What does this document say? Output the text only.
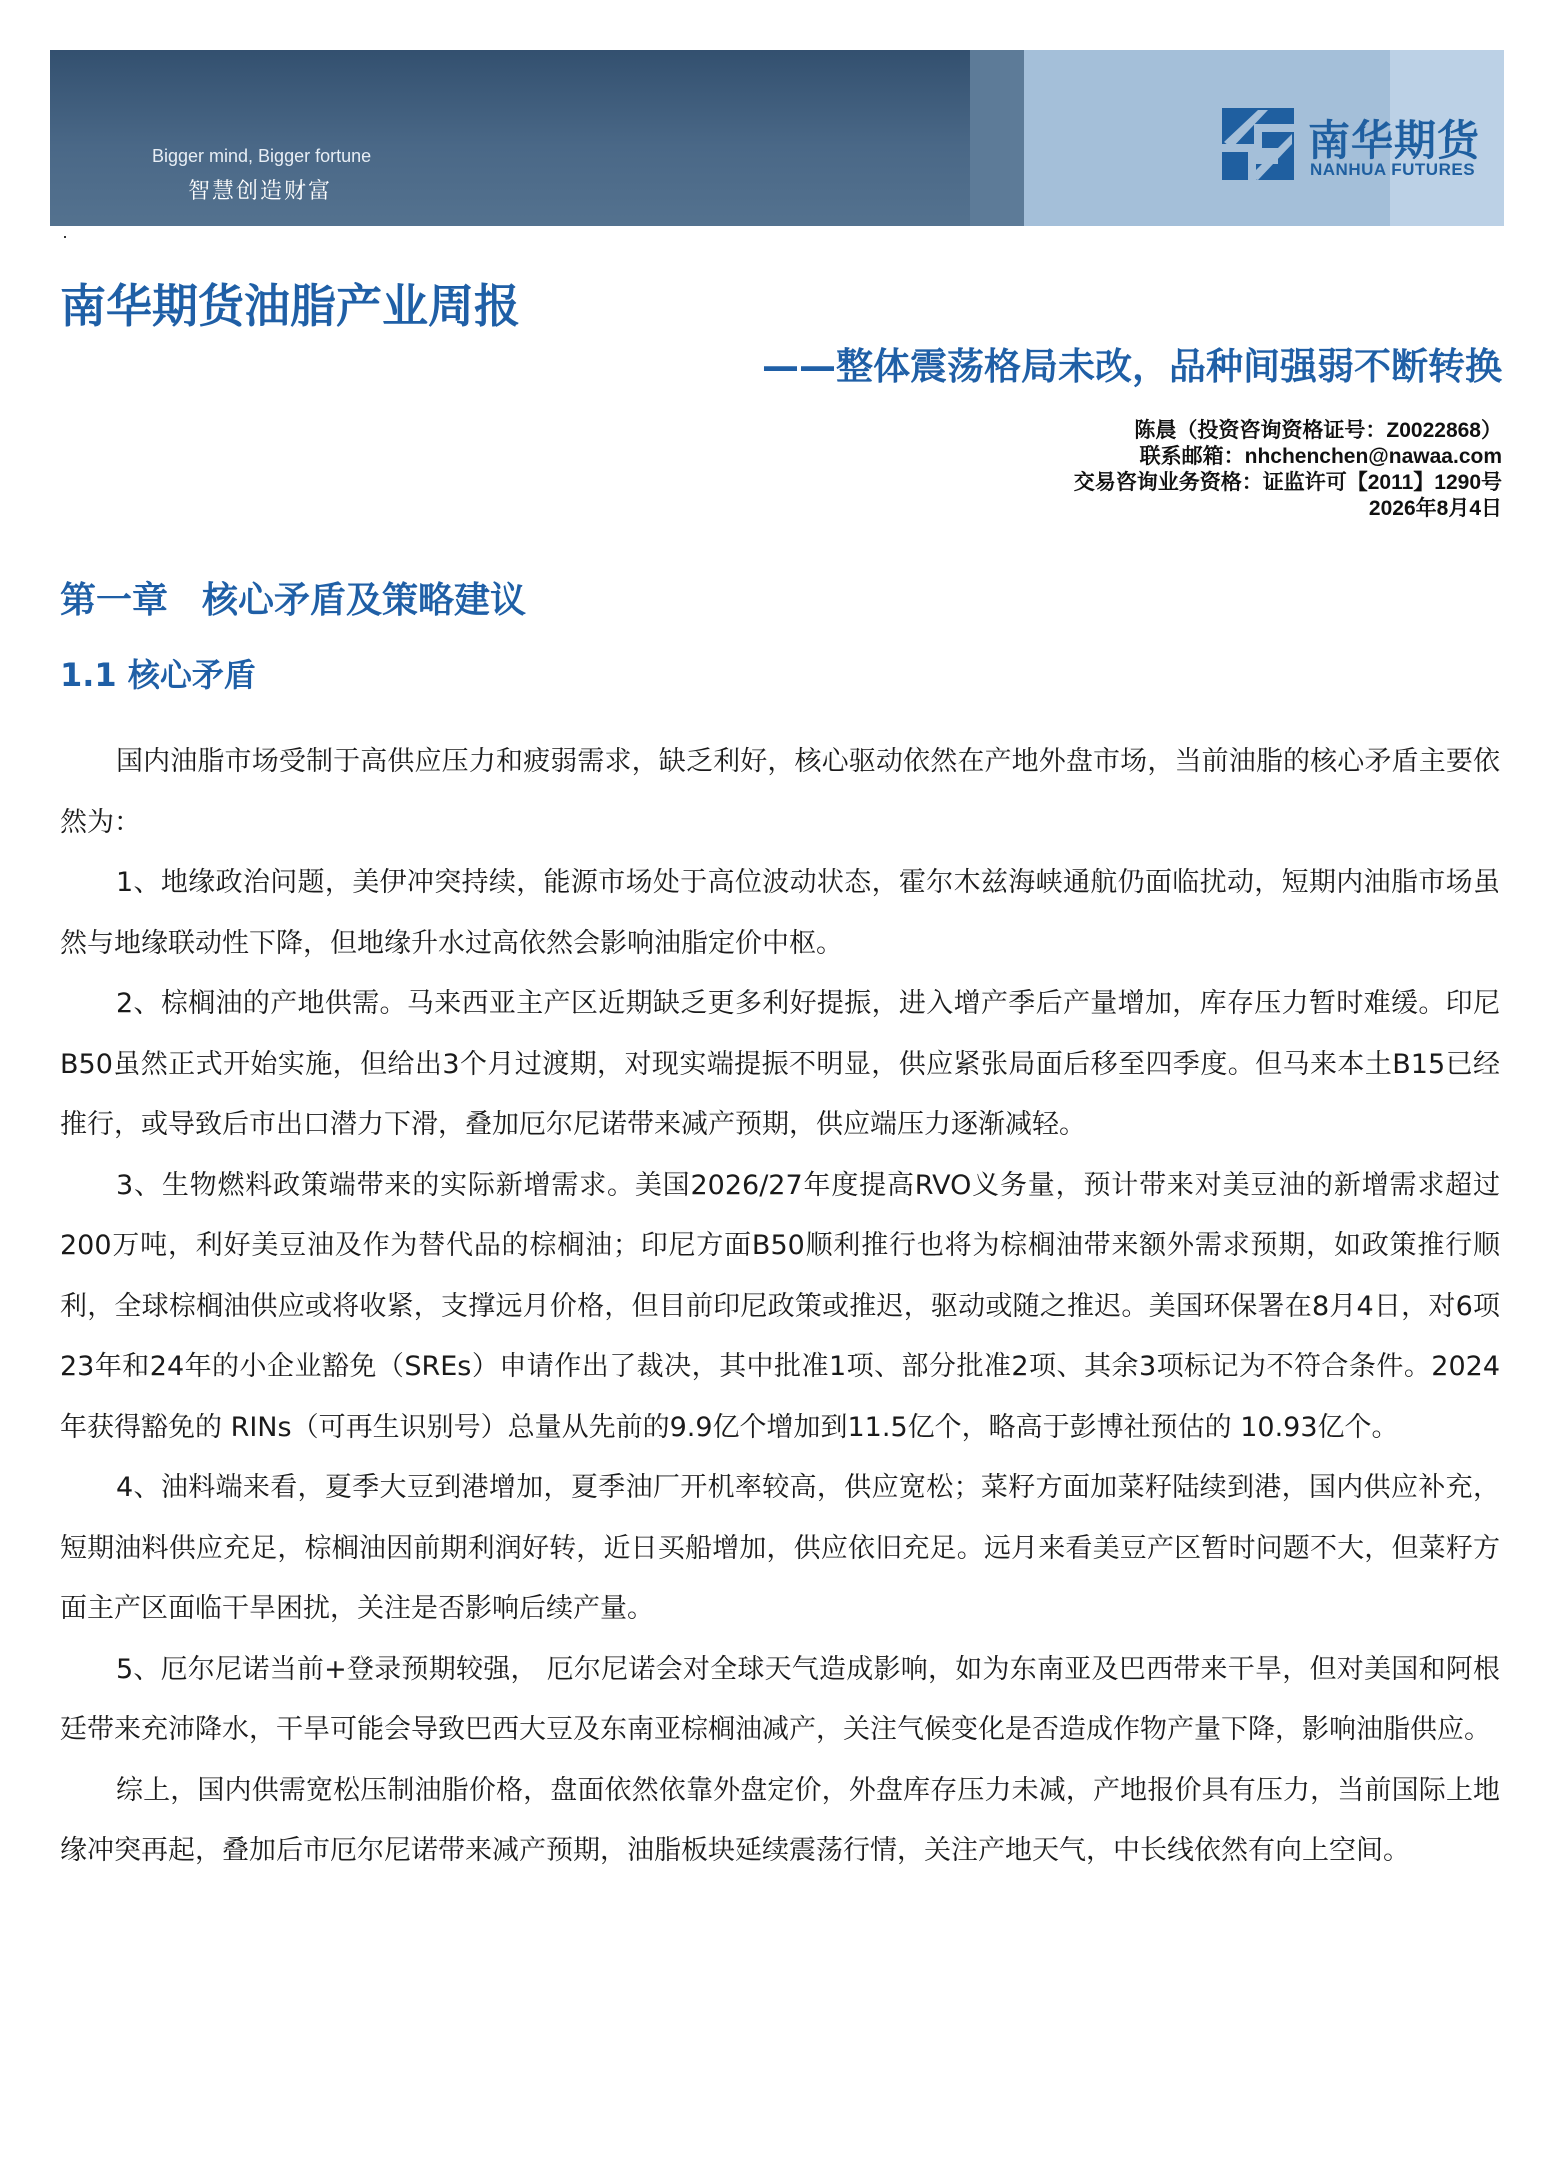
Bigger mind, Bigger fortune
智慧创造财富
南华期货
NANHUA FUTURES
南华期货油脂产业周报
——整体震荡格局未改，品种间强弱不断转换
陈晨（投资咨询资格证号：Z0022868）
联系邮箱：nhchenchen@nawaa.com
交易咨询业务资格：证监许可【2011】1290号
2026年8月4日
第一章 核心矛盾及策略建议
1.1 核心矛盾

国内油脂市场受制于高供应压力和疲弱需求，缺乏利好，核心驱动依然在产地外盘市场，当前油脂的核心矛盾主要依然为：

1、地缘政治问题，美伊冲突持续，能源市场处于高位波动状态，霍尔木兹海峡通航仍面临扰动，短期内油脂市场虽然与地缘联动性下降，但地缘升水过高依然会影响油脂定价中枢。

2、棕榈油的产地供需。马来西亚主产区近期缺乏更多利好提振，进入增产季后产量增加，库存压力暂时难缓。印尼B50虽然正式开始实施，但给出3个月过渡期，对现实端提振不明显，供应紧张局面后移至四季度。但马来本土B15已经推行，或导致后市出口潜力下滑，叠加厄尔尼诺带来减产预期，供应端压力逐渐减轻。

3、生物燃料政策端带来的实际新增需求。美国2026/27年度提高RVO义务量，预计带来对美豆油的新增需求超过200万吨，利好美豆油及作为替代品的棕榈油；印尼方面B50顺利推行也将为棕榈油带来额外需求预期，如政策推行顺利，全球棕榈油供应或将收紧，支撑远月价格，但目前印尼政策或推迟，驱动或随之推迟。美国环保署在8月4日，对6项23年和24年的小企业豁免（SREs）申请作出了裁决，其中批准1项、部分批准2项、其余3项标记为不符合条件。2024年获得豁免的 RINs（可再生识别号）总量从先前的9.9亿个增加到11.5亿个，略高于彭博社预估的 10.93亿个。

4、油料端来看，夏季大豆到港增加，夏季油厂开机率较高，供应宽松；菜籽方面加菜籽陆续到港，国内供应补充，短期油料供应充足，棕榈油因前期利润好转，近日买船增加，供应依旧充足。远月来看美豆产区暂时问题不大，但菜籽方面主产区面临干旱困扰，关注是否影响后续产量。

5、厄尔尼诺当前+登录预期较强， 厄尔尼诺会对全球天气造成影响，如为东南亚及巴西带来干旱，但对美国和阿根廷带来充沛降水，干旱可能会导致巴西大豆及东南亚棕榈油减产，关注气候变化是否造成作物产量下降，影响油脂供应。

综上，国内供需宽松压制油脂价格，盘面依然依靠外盘定价，外盘库存压力未减，产地报价具有压力，当前国际上地缘冲突再起，叠加后市厄尔尼诺带来减产预期，油脂板块延续震荡行情，关注产地天气，中长线依然有向上空间。
